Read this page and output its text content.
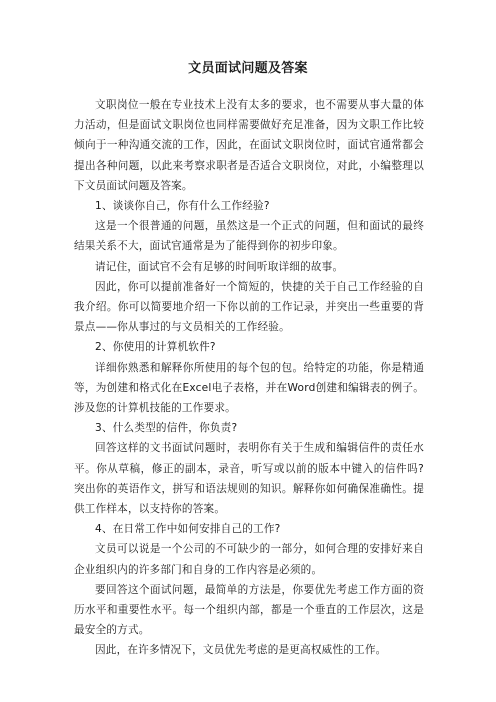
文员面试问题及答案

文职岗位一般在专业技术上没有太多的要求，也不需要从事大量的体力活动，但是面试文职岗位也同样需要做好充足准备，因为文职工作比较倾向于一种沟通交流的工作，因此，在面试文职岗位时，面试官通常都会提出各种问题，以此来考察求职者是否适合文职岗位，对此，小编整理以下文员面试问题及答案。

1、谈谈你自己，你有什么工作经验?

这是一个很普通的问题，虽然这是一个正式的问题，但和面试的最终结果关系不大，面试官通常是为了能得到你的初步印象。

请记住，面试官不会有足够的时间听取详细的故事。

因此，你可以提前准备好一个简短的，快捷的关于自己工作经验的自我介绍。你可以简要地介绍一下你以前的工作记录，并突出一些重要的背景点——你从事过的与文员相关的工作经验。

2、你使用的计算机软件?

详细你熟悉和解释你所使用的每个包的包。给特定的功能，你是精通等，为创建和格式化在Excel电子表格，并在Word创建和编辑表的例子。涉及您的计算机技能的工作要求。

3、什么类型的信件，你负责?

回答这样的文书面试问题时，表明你有关于生成和编辑信件的责任水平。你从草稿，修正的副本，录音，听写或以前的版本中键入的信件吗?突出你的英语作文，拼写和语法规则的知识。解释你如何确保准确性。提供工作样本，以支持你的答案。

4、在日常工作中如何安排自己的工作?

文员可以说是一个公司的不可缺少的一部分，如何合理的安排好来自企业组织内的许多部门和自身的工作内容是必须的。

要回答这个面试问题，最简单的方法是，你要优先考虑工作方面的资历水平和重要性水平。每一个组织内部，都是一个垂直的工作层次，这是最安全的方式。

因此，在许多情况下，文员优先考虑的是更高权威性的工作。
